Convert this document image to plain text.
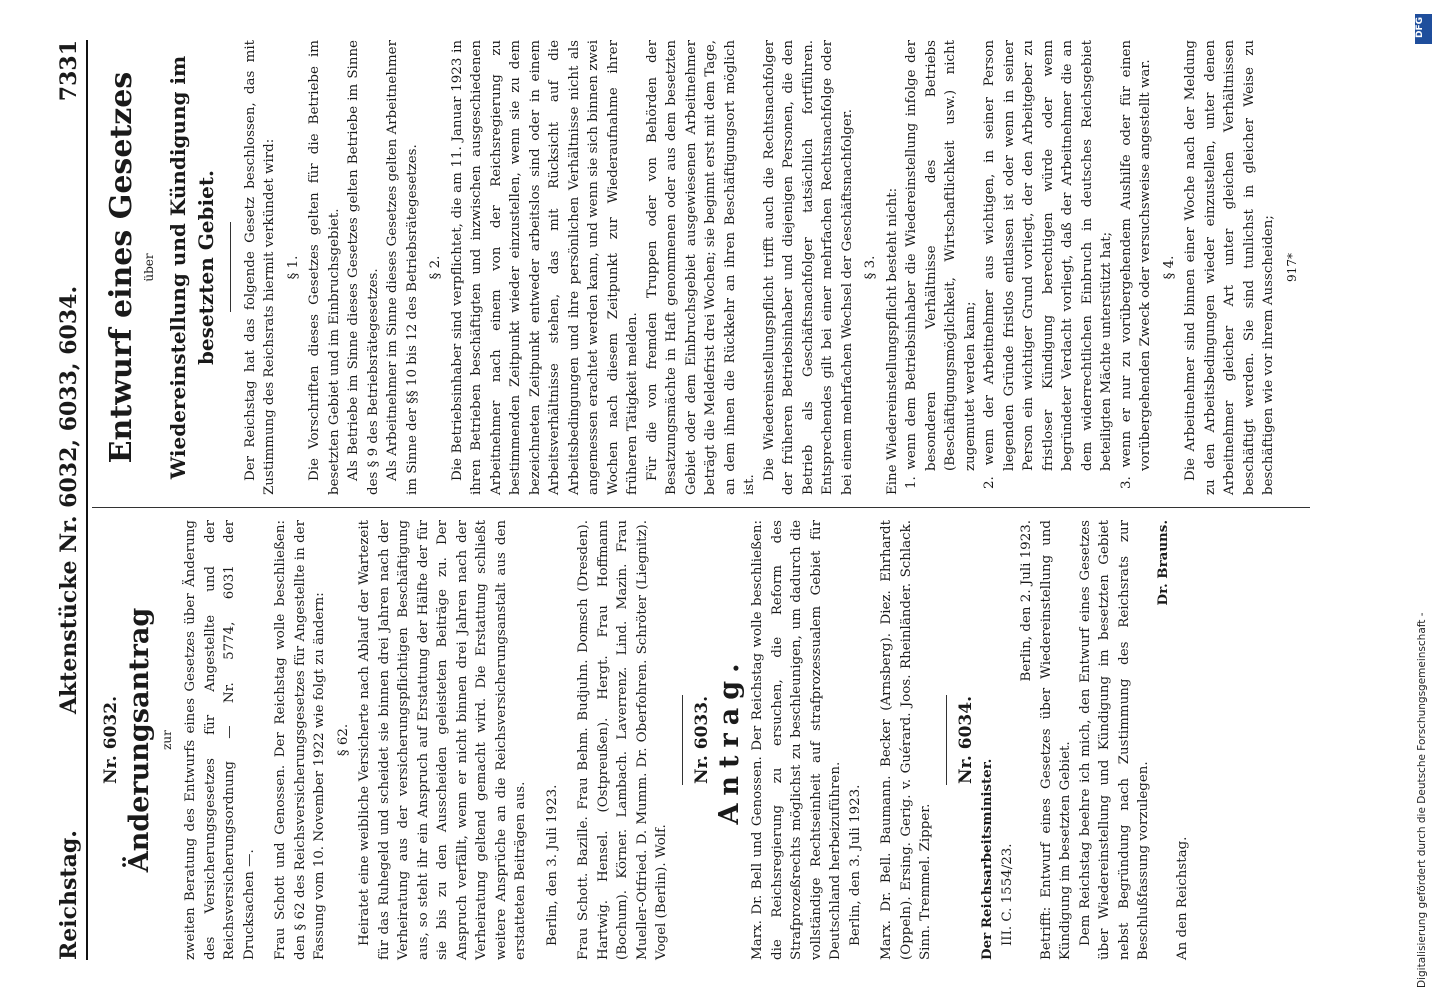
Reichstag.
Aktenstücke Nr. 6032, 6033, 6034.
7331
Nr. 6032. Änderungsantrag zur zweiten Beratung des Entwurfs eines Gesetzes über Änderung des Versicherungsgesetzes für Angestellte und der Reichsversicherungsordnung — Nr. 5774, 6031 der Drucksachen —. Frau Schott und Genossen. Der Reichstag wolle beschließen: den § 62 des Reichsversicherungsgesetzes für Angestellte in der Fassung vom 10. November 1922 wie folgt zu ändern: § 62. Heiratet eine weibliche Versicherte nach Ablauf der Wartezeit für das Ruhegeld und scheidet sie binnen drei Jahren nach der Verheiratung aus der versicherungspflichtigen Beschäftigung aus, so steht ihr ein Anspruch auf Erstattung der Hälfte der für sie bis zu den Ausscheiden geleisteten Beiträge zu. Der Anspruch verfällt, wenn er nicht binnen drei Jahren nach der Verheiratung geltend gemacht wird. Die Erstattung schließt weitere Ansprüche an die Reichsversicherungsanstalt aus den erstatteten Beiträgen aus. Berlin, den 3. Juli 1923. Frau Schott. Bazille. Frau Behm. Budjuhn. Domsch (Dresden). Hartwig. Hensel. (Ostpreußen). Hergt. Frau Hoffmann (Bochum). Körner. Lambach. Laverrenz. Lind. Mazin. Frau Mueller-Otfried. D. Mumm. Dr. Oberfohren. Schröter (Liegnitz). Vogel (Berlin). Wolf.

Nr. 6033. Antrag. Marx. Dr. Bell und Genossen. Der Reichstag wolle beschließen: die Reichsregierung zu ersuchen, die Reform des Strafprozeßrechts möglichst zu beschleunigen, um dadurch die vollständige Rechtseinheit auf strafprozessualem Gebiet für Deutschland herbeizuführen. Berlin, den 3. Juli 1923. Marx. Dr. Bell. Baumann. Becker (Arnsberg). Diez. Ehrhardt (Oppeln). Ersing. Gerig. v. Guérard. Joos. Rheinländer. Schlack. Sinn. Tremmel. Zipper.

Nr. 6034.

Der Reichsarbeitsminister. III. C. 1554/23.

Berlin, den 2. Juli 1923. Betrifft: Entwurf eines Gesetzes über Wiedereinstellung und Kündigung im besetzten Gebiet. Dem Reichstag beehre ich mich, den Entwurf eines Gesetzes über Wiedereinstellung und Kündigung im besetzten Gebiet nebst Begründung nach Zustimmung des Reichsrats zur Beschlußfassung vorzulegen.

Dr. Brauns.

An den Reichstag.

Entwurf eines Gesetzes über Wiedereinstellung und Kündigung im besetzten Gebiet. Der Reichstag hat das folgende Gesetz beschlossen, das mit Zustimmung des Reichsrats hiermit verkündet wird: § 1. Die Vorschriften dieses Gesetzes gelten für die Betriebe im besetzten Gebiet und im Einbruchsgebiet. Als Betriebe im Sinne dieses Gesetzes gelten Betriebe im Sinne des § 9 des Betriebsrätegesetzes. Als Arbeitnehmer im Sinne dieses Gesetzes gelten Arbeitnehmer im Sinne der §§ 10 bis 12 des Betriebsrätegesetzes. § 2. Die Betriebsinhaber sind verpflichtet, die am 11. Januar 1923 in ihren Betrieben beschäftigten und inzwischen ausgeschiedenen Arbeitnehmer nach einem von der Reichsregierung zu bestimmenden Zeitpunkt wieder einzustellen, wenn sie zu dem bezeichneten Zeitpunkt entweder arbeitslos sind oder in einem Arbeitsverhältnisse stehen, das mit Rücksicht auf die Arbeitsbedingungen und ihre persönlichen Verhältnisse nicht als angemessen erachtet werden kann, und wenn sie sich binnen zwei Wochen nach diesem Zeitpunkt zur Wiederaufnahme ihrer früheren Tätigkeit melden. Für die von fremden Truppen oder von Behörden der Besatzungsmächte in Haft genommenen oder aus dem besetzten Gebiet oder dem Einbruchsgebiet ausgewiesenen Arbeitnehmer beträgt die Meldefrist drei Wochen; sie beginnt erst mit dem Tage, an dem ihnen die Rückkehr an ihren Beschäftigungsort möglich ist.

Die Wiedereinstellungspflicht trifft auch die Rechtsnachfolger der früheren Betriebsinhaber und diejenigen Personen, die den Betrieb als Geschäftsnachfolger tatsächlich fortführen. Entsprechendes gilt bei einer mehrfachen Rechtsnachfolge oder bei einem mehrfachen Wechsel der Geschäftsnachfolger. § 3. Eine Wiedereinstellungspflicht besteht nicht: 1. wenn dem Betriebsinhaber die Wiedereinstellung infolge der besonderen Verhältnisse des Betriebs (Beschäftigungsmöglichkeit, Wirtschaftlichkeit usw.) nicht zugemutet werden kann; 2. wenn der Arbeitnehmer aus wichtigen, in seiner Person liegenden Gründe fristlos entlassen ist oder wenn in seiner Person ein wichtiger Grund vorliegt, der den Arbeitgeber zu fristloser Kündigung berechtigen würde oder wenn begründeter Verdacht vorliegt, daß der Arbeitnehmer die an dem widerrechtlichen Einbruch in deutsches Reichsgebiet beteiligten Mächte unterstützt hat; 3. wenn er nur zu vorübergehendem Aushilfe oder für einen vorübergehenden Zweck oder versuchsweise angestellt war. § 4. Die Arbeitnehmer sind binnen einer Woche nach der Meldung zu den Arbeitsbedingungen wieder einzustellen, unter denen Arbeitnehmer gleicher Art unter gleichen Verhältnissen beschäftigt werden. Sie sind tunlichst in gleicher Weise zu beschäftigen wie vor ihrem Ausscheiden; 917*

DFG
Digitalisierung gefördert durch die Deutsche Forschungsgemeinschaft -
